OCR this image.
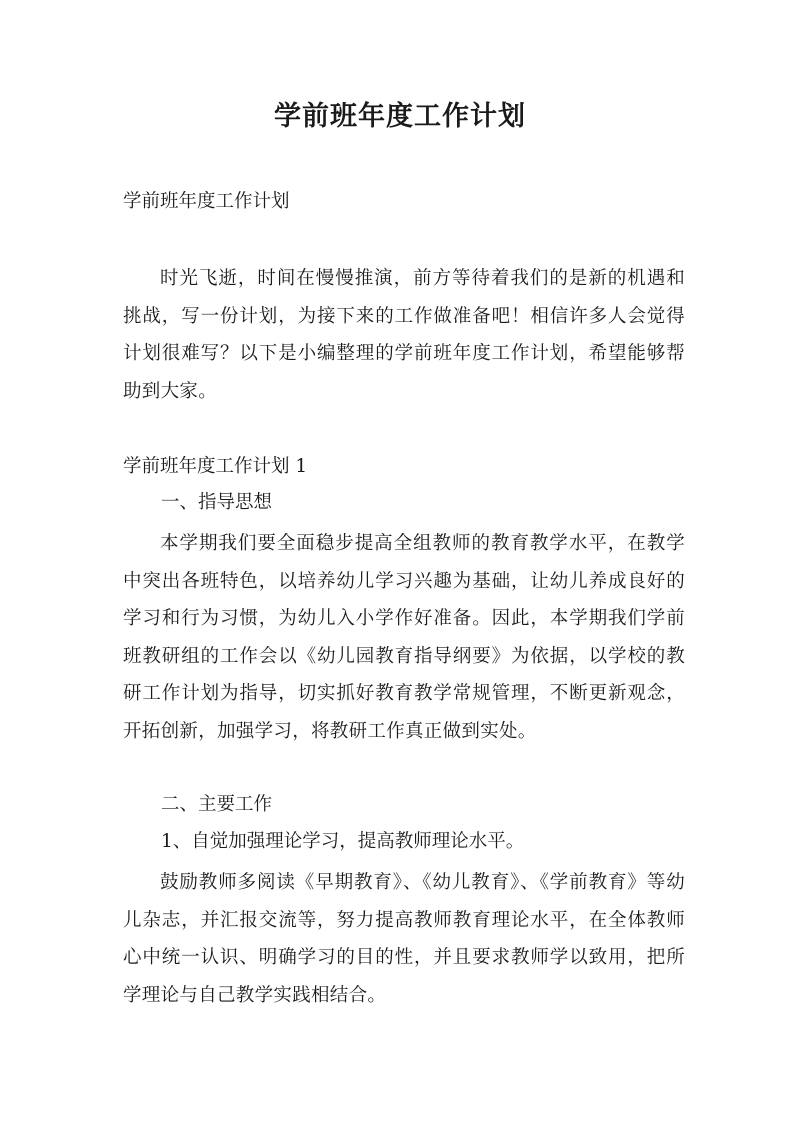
学前班年度工作计划
学前班年度工作计划
时光飞逝，时间在慢慢推演，前方等待着我们的是新的机遇和挑战，写一份计划，为接下来的工作做准备吧！相信许多人会觉得计划很难写？以下是小编整理的学前班年度工作计划，希望能够帮助到大家。
学前班年度工作计划 1
一、指导思想
本学期我们要全面稳步提高全组教师的教育教学水平，在教学中突出各班特色，以培养幼儿学习兴趣为基础，让幼儿养成良好的学习和行为习惯，为幼儿入小学作好准备。因此，本学期我们学前班教研组的工作会以《幼儿园教育指导纲要》为依据，以学校的教研工作计划为指导，切实抓好教育教学常规管理，不断更新观念，开拓创新，加强学习，将教研工作真正做到实处。
二、主要工作
1、自觉加强理论学习，提高教师理论水平。
鼓励教师多阅读《早期教育》、《幼儿教育》、《学前教育》等幼儿杂志，并汇报交流等，努力提高教师教育理论水平，在全体教师心中统一认识、明确学习的目的性，并且要求教师学以致用，把所学理论与自己教学实践相结合。
